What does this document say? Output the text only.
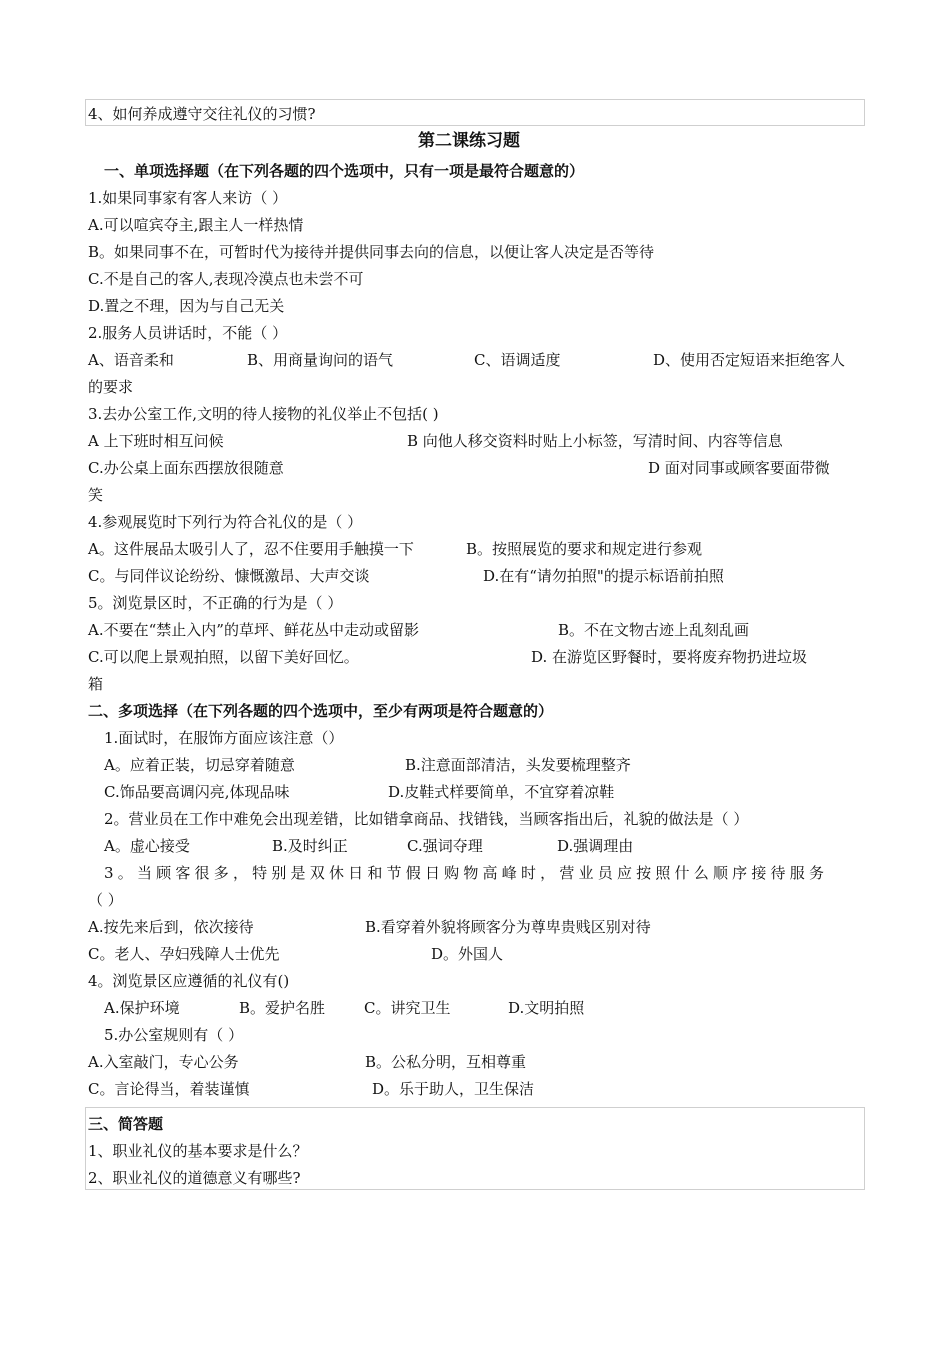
4、如何养成遵守交往礼仪的习惯?
第二课练习题
一、单项选择题（在下列各题的四个选项中，只有一项是最符合题意的）
1.如果同事家有客人来访（ ）
A.可以喧宾夺主,跟主人一样热情
B。如果同事不在，可暂时代为接待并提供同事去向的信息，以便让客人决定是否等待
C.不是自己的客人,表现冷漠点也未尝不可
D.置之不理，因为与自己无关
2.服务人员讲话时，不能（ ）
A、语音柔和	B、用商量询问的语气	C、语调适度	D、使用否定短语来拒绝客人
的要求
3.去办公室工作,文明的待人接物的礼仪举止不包括( )
A 上下班时相互问候	B 向他人移交资料时贴上小标签，写清时间、内容等信息
C.办公桌上面东西摆放很随意	D 面对同事或顾客要面带微
笑
4.参观展览时下列行为符合礼仪的是（ ）
A。这件展品太吸引人了，忍不住要用手触摸一下	B。按照展览的要求和规定进行参观
C。与同伴议论纷纷、慷慨激昂、大声交谈	D.在有“请勿拍照"的提示标语前拍照
5。浏览景区时，不正确的行为是（ ）
A.不要在“禁止入内”的草坪、鲜花丛中走动或留影	B。不在文物古迹上乱刻乱画
C.可以爬上景观拍照，以留下美好回忆。	D. 在游览区野餐时，要将废弃物扔进垃圾
箱
二、多项选择（在下列各题的四个选项中，至少有两项是符合题意的）
1.面试时，在服饰方面应该注意（）
A。应着正装，切忌穿着随意	B.注意面部清洁，头发要梳理整齐
C.饰品要高调闪亮,体现品味	D.皮鞋式样要简单，不宜穿着凉鞋
2。营业员在工作中难免会出现差错，比如错拿商品、找错钱，当顾客指出后，礼貌的做法是（ ）
A。虚心接受	B.及时纠正	C.强词夺理	D.强调理由
3。当顾客很多，特别是双休日和节假日购物高峰时，营业员应按照什么顺序接待服务
（ ）
A.按先来后到，依次接待	B.看穿着外貌将顾客分为尊卑贵贱区别对待
C。老人、孕妇残障人士优先	D。外国人
4。浏览景区应遵循的礼仪有()
A.保护环境	B。爱护名胜	C。讲究卫生	D.文明拍照
5.办公室规则有（ ）
A.入室敲门，专心公务	B。公私分明，互相尊重
C。言论得当，着装谨慎	D。乐于助人，卫生保洁
三、简答题
1、职业礼仪的基本要求是什么？
2、职业礼仪的道德意义有哪些?
